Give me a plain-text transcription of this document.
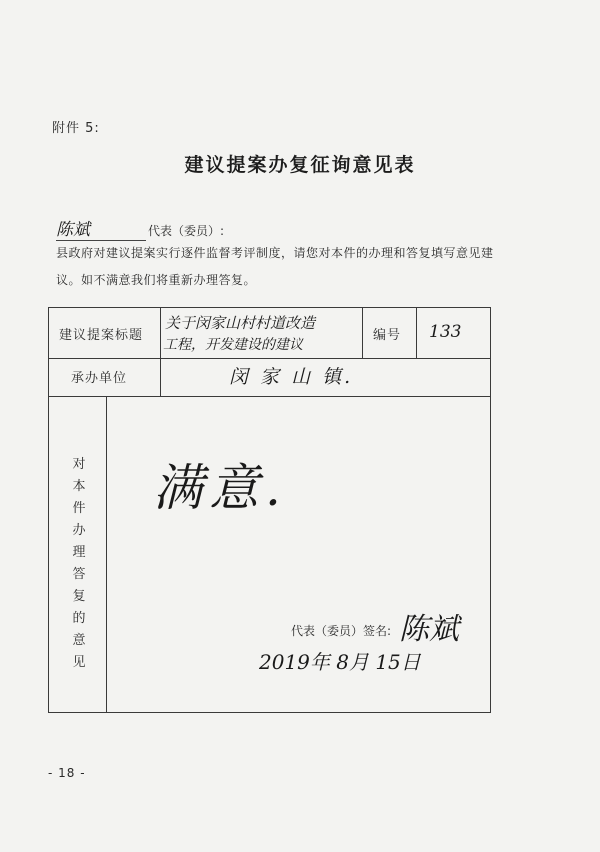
附件 5:
建议提案办复征询意见表
陈斌	代表（委员）:
县政府对建议提案实行逐件监督考评制度，请您对本件的办理和答复填写意见建议。如不满意我们将重新办理答复。
建议提案标题
关于闵家山村村道改造
工程，开发建设的建议
编号 133
承办单位	闵 家 山 镇.
对本件办理答复的意见
满意.
代表（委员）签名: 陈斌
2019年 8月 15日
- 18 -
